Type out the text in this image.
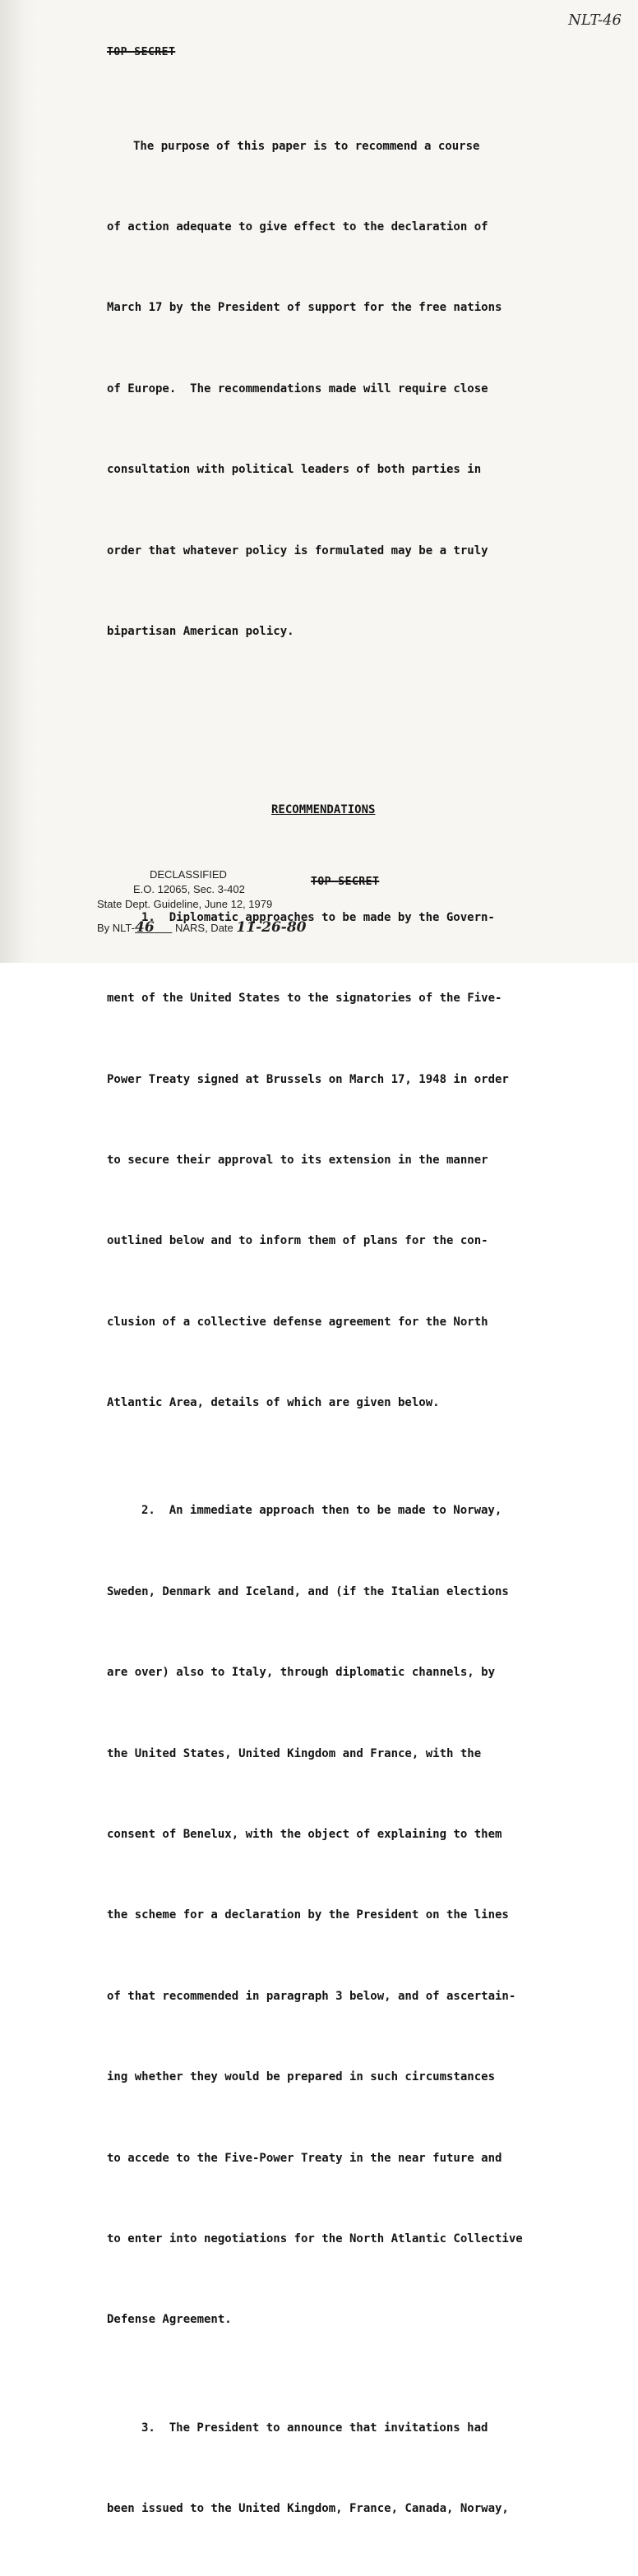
NLT-46
TOP SECRET

The purpose of this paper is to recommend a course

of action adequate to give effect to the declaration of

March 17 by the President of support for the free nations

of Europe.  The recommendations made will require close

consultation with political leaders of both parties in

order that whatever policy is formulated may be a truly

bipartisan American policy.

RECOMMENDATIONS

1.  Diplomatic approaches to be made by the Govern-

ment of the United States to the signatories of the Five-

Power Treaty signed at Brussels on March 17, 1948 in order

to secure their approval to its extension in the manner

outlined below and to inform them of plans for the con-

clusion of a collective defense agreement for the North

Atlantic Area, details of which are given below.

2.  An immediate approach then to be made to Norway,

Sweden, Denmark and Iceland, and (if the Italian elections

are over) also to Italy, through diplomatic channels, by

the United States, United Kingdom and France, with the

consent of Benelux, with the object of explaining to them

the scheme for a declaration by the President on the lines

of that recommended in paragraph 3 below, and of ascertain-

ing whether they would be prepared in such circumstances

to accede to the Five-Power Treaty in the near future and

to enter into negotiations for the North Atlantic Collective

Defense Agreement.

3.  The President to announce that invitations had

been issued to the United Kingdom, France, Canada, Norway,

TOP SECRET
DECLASSIFIED
E.O. 12065, Sec. 3-402
State Dept. Guideline, June 12, 1979
By NLT-46 NARS, Date 11-26-80
